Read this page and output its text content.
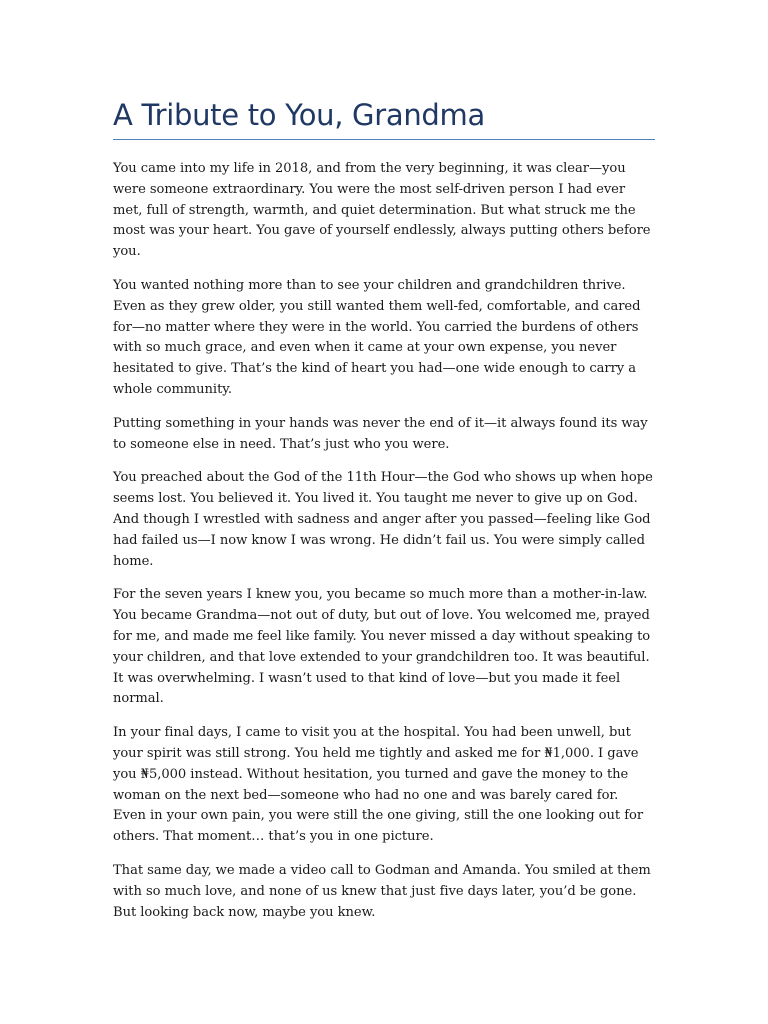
A Tribute to You, Grandma

You came into my life in 2018, and from the very beginning, it was clear—you were someone extraordinary. You were the most self-driven person I had ever met, full of strength, warmth, and quiet determination. But what struck me the most was your heart. You gave of yourself endlessly, always putting others before you.

You wanted nothing more than to see your children and grandchildren thrive. Even as they grew older, you still wanted them well-fed, comfortable, and cared for—no matter where they were in the world. You carried the burdens of others with so much grace, and even when it came at your own expense, you never hesitated to give. That’s the kind of heart you had—one wide enough to carry a whole community.

Putting something in your hands was never the end of it—it always found its way to someone else in need. That’s just who you were.

You preached about the God of the 11th Hour—the God who shows up when hope seems lost. You believed it. You lived it. You taught me never to give up on God. And though I wrestled with sadness and anger after you passed—feeling like God had failed us—I now know I was wrong. He didn’t fail us. You were simply called home.

For the seven years I knew you, you became so much more than a mother-in-law. You became Grandma—not out of duty, but out of love. You welcomed me, prayed for me, and made me feel like family. You never missed a day without speaking to your children, and that love extended to your grandchildren too. It was beautiful. It was overwhelming. I wasn’t used to that kind of love—but you made it feel normal.

In your final days, I came to visit you at the hospital. You had been unwell, but your spirit was still strong. You held me tightly and asked me for ₦1,000. I gave you ₦5,000 instead. Without hesitation, you turned and gave the money to the woman on the next bed—someone who had no one and was barely cared for. Even in your own pain, you were still the one giving, still the one looking out for others. That moment… that’s you in one picture.

That same day, we made a video call to Godman and Amanda. You smiled at them with so much love, and none of us knew that just five days later, you’d be gone. But looking back now, maybe you knew.
